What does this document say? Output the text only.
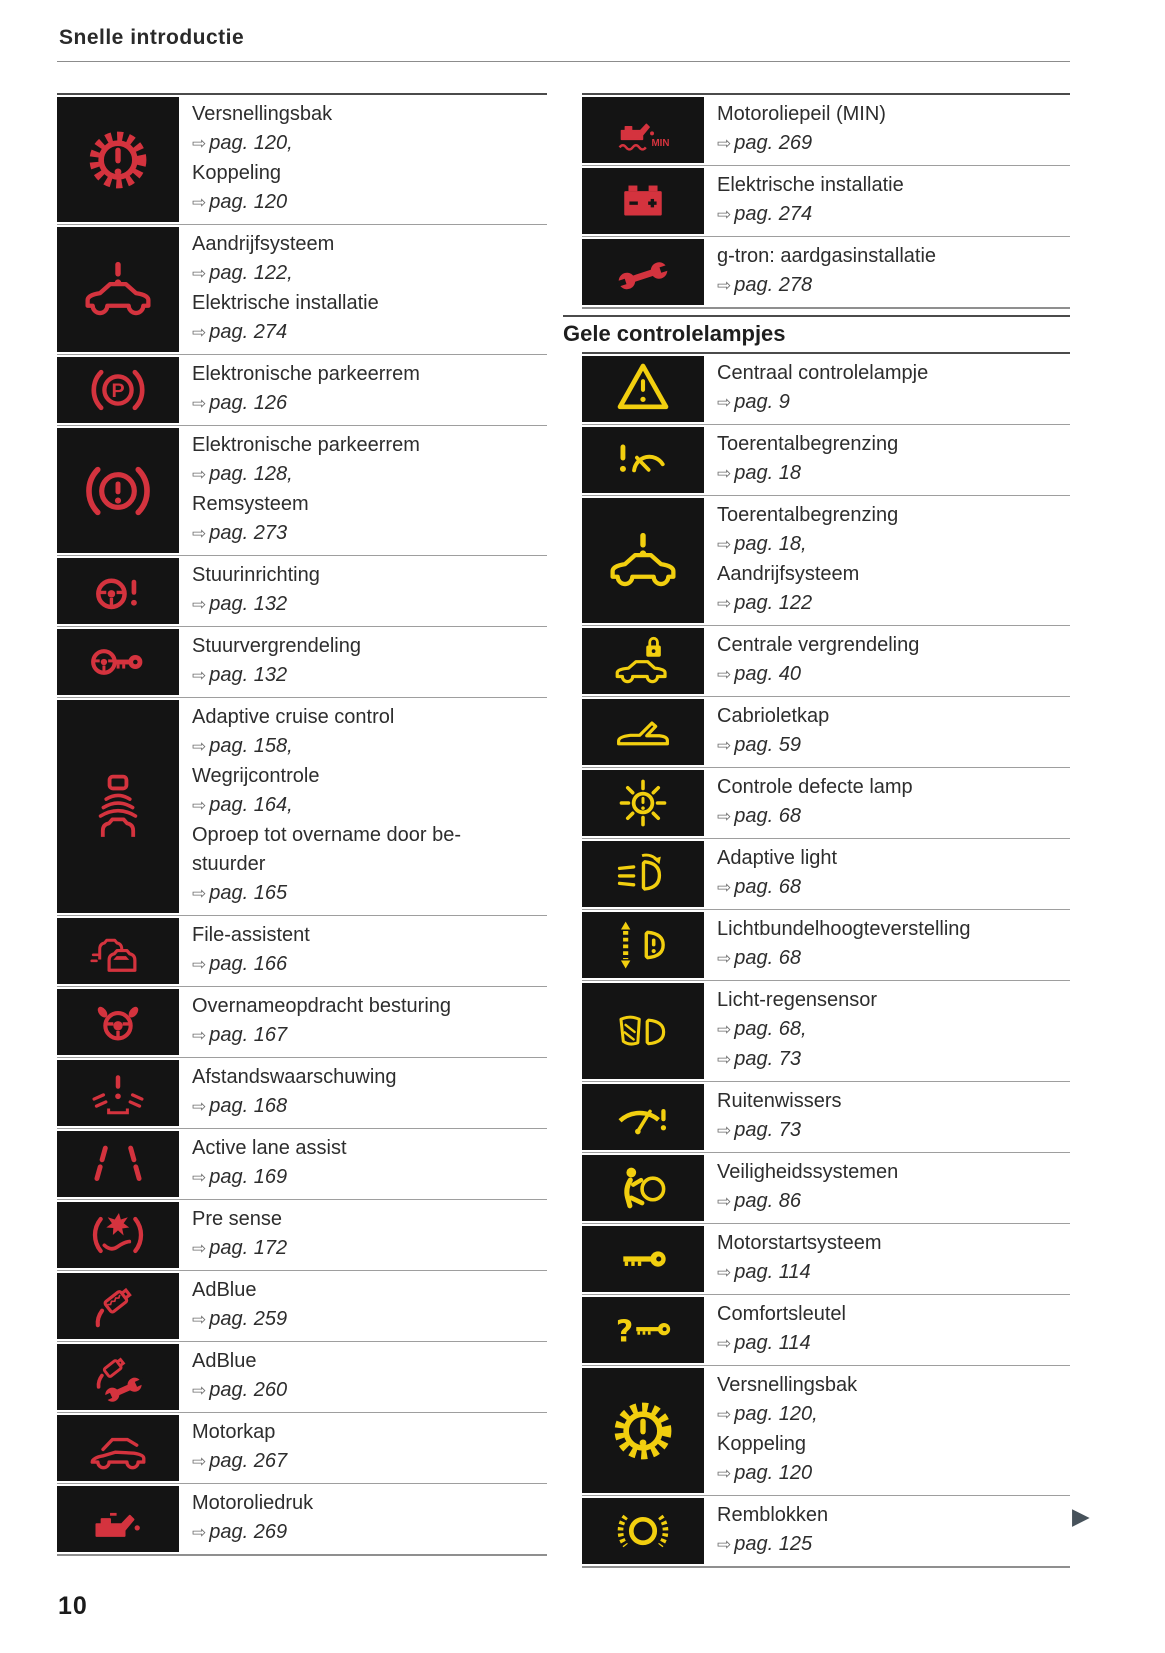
Snelle introductie
Versnellingsbak
⇨ pag. 120,
Koppeling
⇨ pag. 120
Aandrijfsysteem
⇨ pag. 122,
Elektrische installatie
⇨ pag. 274
P
Elektronische parkeerrem
⇨ pag. 126
Elektronische parkeerrem
⇨ pag. 128,
Remsysteem
⇨ pag. 273
Stuurinrichting
⇨ pag. 132
Stuurvergrendeling
⇨ pag. 132
Adaptive cruise control
⇨ pag. 158,
Wegrijcontrole
⇨ pag. 164,
Oproep tot overname door be-
stuurder
⇨ pag. 165
File-assistent
⇨ pag. 166
Overnameopdracht besturing
⇨ pag. 167
Afstandswaarschuwing
⇨ pag. 168
Active lane assist
⇨ pag. 169
Pre sense
⇨ pag. 172
AdBlue
⇨ pag. 259
AdBlue
⇨ pag. 260
Motorkap
⇨ pag. 267
Motoroliedruk
⇨ pag. 269
MIN
Motoroliepeil (MIN)
⇨ pag. 269
Elektrische installatie
⇨ pag. 274
g-tron: aardgasinstallatie
⇨ pag. 278
Gele controlelampjes
Centraal controlelampje
⇨ pag. 9
Toerentalbegrenzing
⇨ pag. 18
Toerentalbegrenzing
⇨ pag. 18,
Aandrijfsysteem
⇨ pag. 122
Centrale vergrendeling
⇨ pag. 40
Cabrioletkap
⇨ pag. 59
Controle defecte lamp
⇨ pag. 68
Adaptive light
⇨ pag. 68
Lichtbundelhoogteverstelling
⇨ pag. 68
Licht-regensensor
⇨ pag. 68,
⇨ pag. 73
Ruitenwissers
⇨ pag. 73
Veiligheidssystemen
⇨ pag. 86
Motorstartsysteem
⇨ pag. 114
?
Comfortsleutel
⇨ pag. 114
Versnellingsbak
⇨ pag. 120,
Koppeling
⇨ pag. 120
Remblokken
⇨ pag. 125
▶
10
